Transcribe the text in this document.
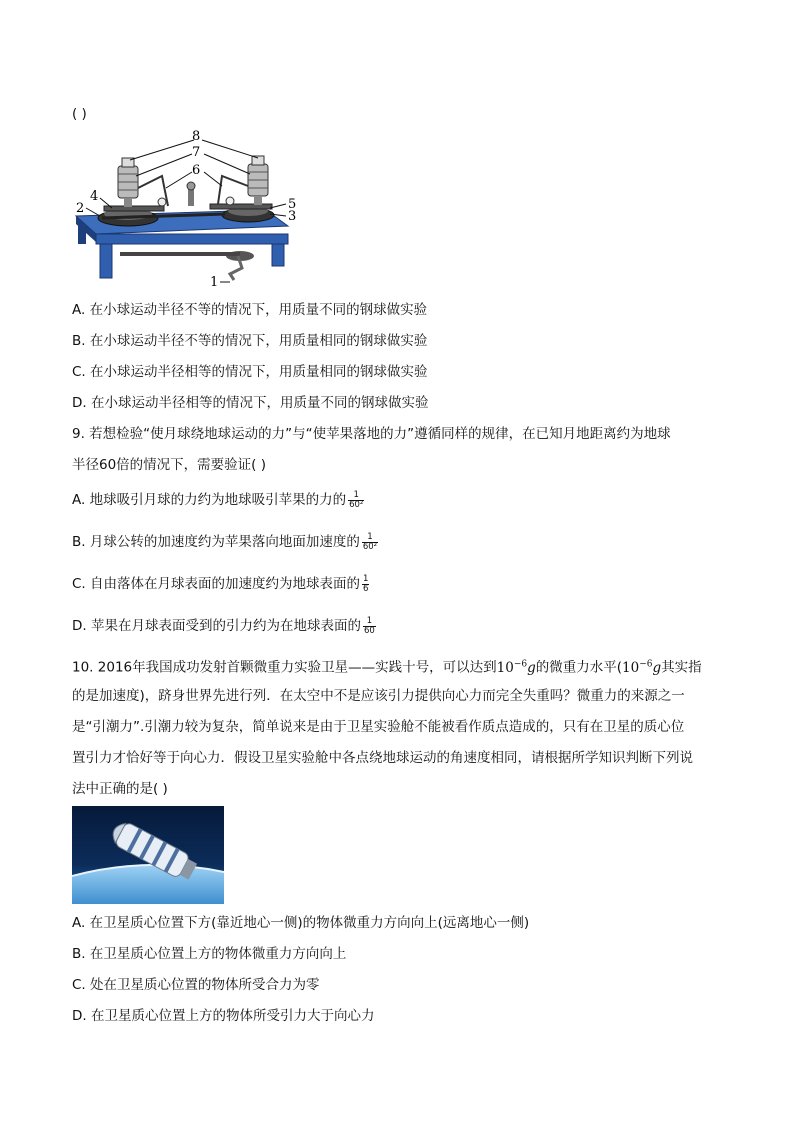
( )
8
7
6
4
2	5
3
1
A. 在小球运动半径不等的情况下，用质量不同的钢球做实验
B. 在小球运动半径不等的情况下，用质量相同的钢球做实验
C. 在小球运动半径相等的情况下，用质量相同的钢球做实验
D. 在小球运动半径相等的情况下，用质量不同的钢球做实验
9. 若想检验“使月球绕地球运动的力”与“使苹果落地的力”遵循同样的规律，在已知月地距离约为地球
半径60倍的情况下，需要验证( )
A. 地球吸引月球的力约为地球吸引苹果的力的 $\frac{1}{\text{60²}}$
B. 月球公转的加速度约为苹果落向地面加速度的 $\frac{1}{\text{60²}}$
C. 自由落体在月球表面的加速度约为地球表面的 $\frac{1}{6}$
D. 苹果在月球表面受到的引力约为在地球表面的 $\frac{1}{60}$
10. 2016年我国成功发射首颗微重力实验卫星——实践十号，可以达到$10^{-6}g$的微重力水平($10^{-6}g$其实指
的是加速度)，跻身世界先进行列．在太空中不是应该引力提供向心力而完全失重吗？微重力的来源之一
是“引潮力”.引潮力较为复杂，简单说来是由于卫星实验舱不能被看作质点造成的，只有在卫星的质心位
置引力才恰好等于向心力．假设卫星实验舱中各点绕地球运动的角速度相同，请根据所学知识判断下列说
法中正确的是( )
A. 在卫星质心位置下方(靠近地心一侧)的物体微重力方向向上(远离地心一侧)
B. 在卫星质心位置上方的物体微重力方向向上
C. 处在卫星质心位置的物体所受合力为零
D. 在卫星质心位置上方的物体所受引力大于向心力
